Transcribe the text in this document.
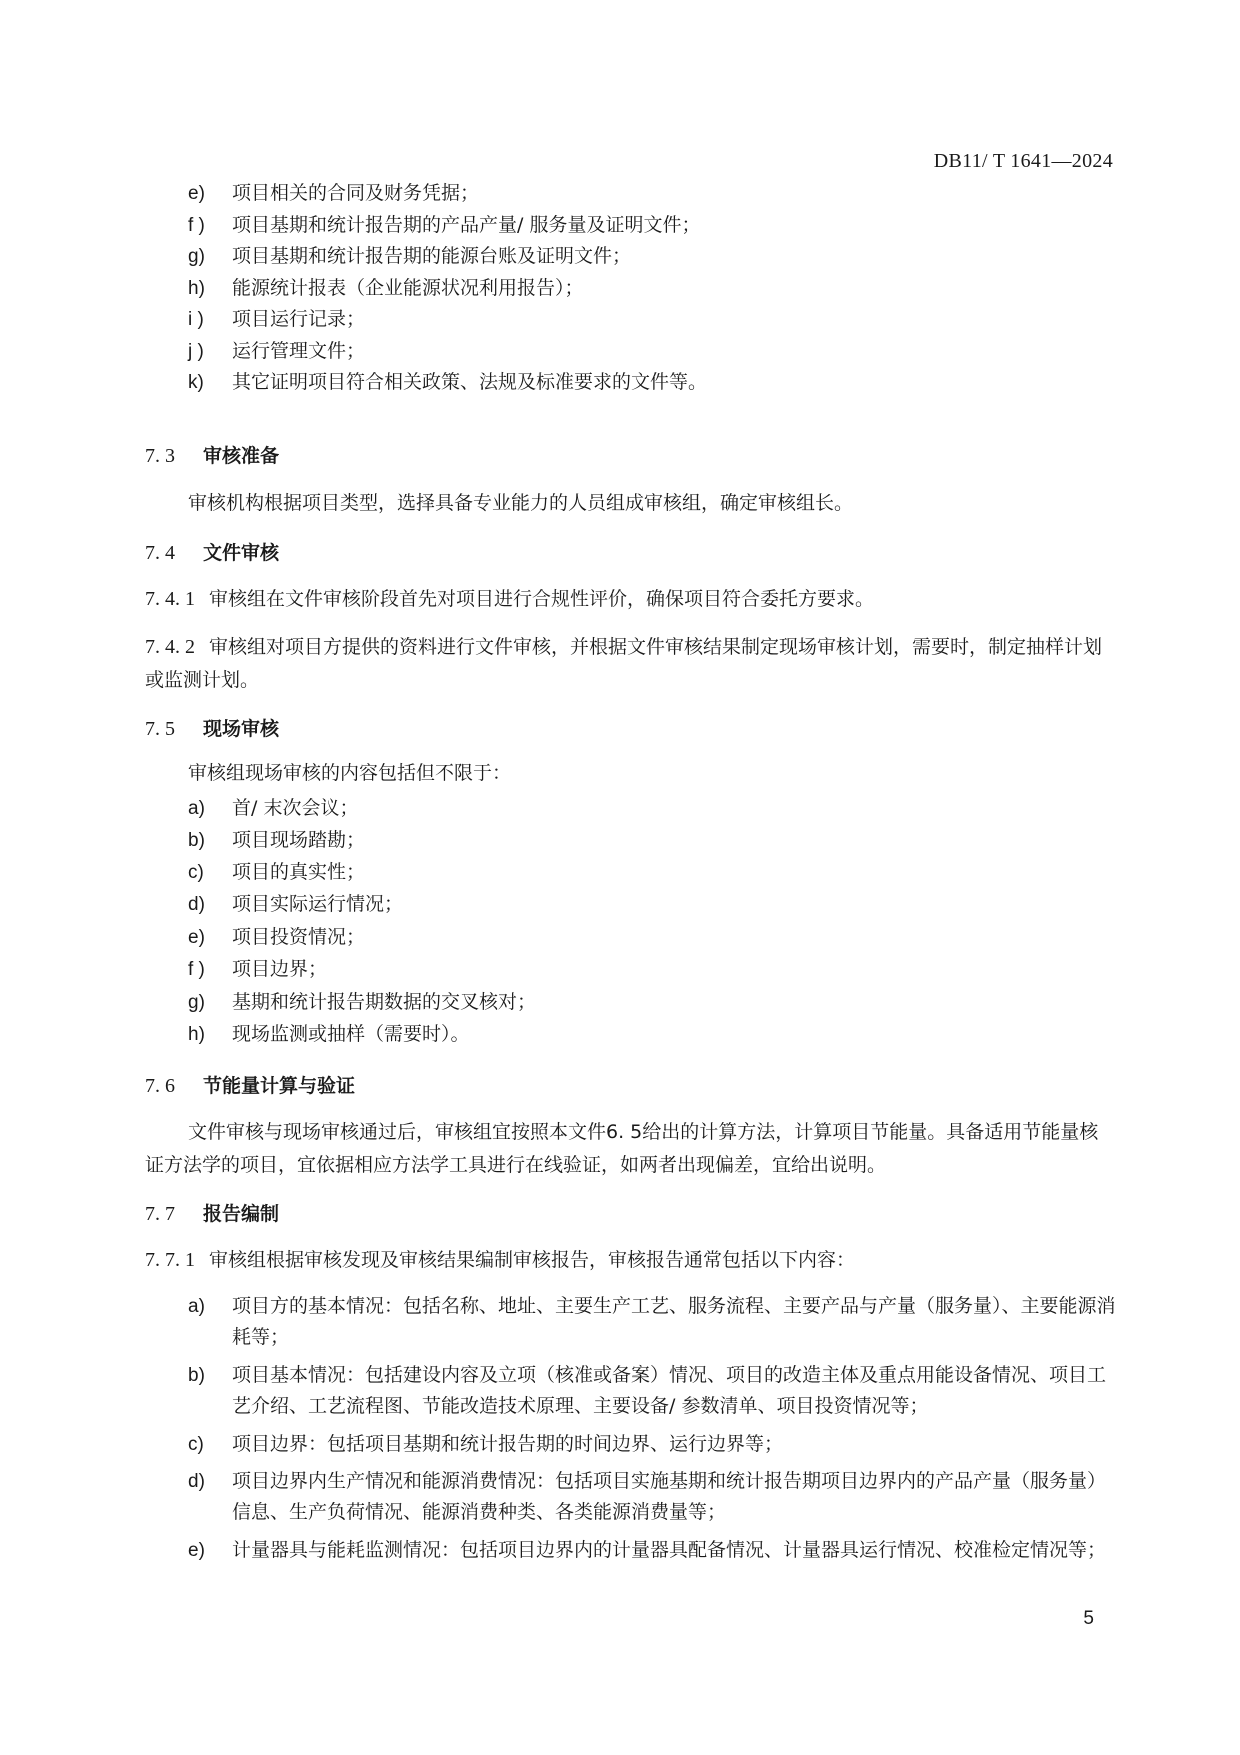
DB11/ T 1641—2024
e) 项目相关的合同及财务凭据；
f ) 项目基期和统计报告期的产品产量/ 服务量及证明文件；
g) 项目基期和统计报告期的能源台账及证明文件；
h) 能源统计报表（企业能源状况利用报告）；
i ) 项目运行记录；
j ) 运行管理文件；
k) 其它证明项目符合相关政策、法规及标准要求的文件等。
7. 3 审核准备
审核机构根据项目类型，选择具备专业能力的人员组成审核组，确定审核组长。
7. 4 文件审核
7. 4. 1 审核组在文件审核阶段首先对项目进行合规性评价，确保项目符合委托方要求。
7. 4. 2 审核组对项目方提供的资料进行文件审核，并根据文件审核结果制定现场审核计划，需要时，制定抽样计划或监测计划。
7. 5 现场审核
审核组现场审核的内容包括但不限于：
a) 首/ 末次会议；
b) 项目现场踏勘；
c) 项目的真实性；
d) 项目实际运行情况；
e) 项目投资情况；
f ) 项目边界；
g) 基期和统计报告期数据的交叉核对；
h) 现场监测或抽样（需要时）。
7. 6 节能量计算与验证
文件审核与现场审核通过后，审核组宜按照本文件6. 5给出的计算方法，计算项目节能量。具备适用节能量核证方法学的项目，宜依据相应方法学工具进行在线验证，如两者出现偏差，宜给出说明。
7. 7 报告编制
7. 7. 1 审核组根据审核发现及审核结果编制审核报告，审核报告通常包括以下内容：
a) 项目方的基本情况：包括名称、地址、主要生产工艺、服务流程、主要产品与产量（服务量）、主要能源消耗等；
b) 项目基本情况：包括建设内容及立项（核准或备案）情况、项目的改造主体及重点用能设备情况、项目工艺介绍、工艺流程图、节能改造技术原理、主要设备/ 参数清单、项目投资情况等；
c) 项目边界：包括项目基期和统计报告期的时间边界、运行边界等；
d) 项目边界内生产情况和能源消费情况：包括项目实施基期和统计报告期项目边界内的产品产量（服务量）信息、生产负荷情况、能源消费种类、各类能源消费量等；
e) 计量器具与能耗监测情况：包括项目边界内的计量器具配备情况、计量器具运行情况、校准检定情况等；
5
